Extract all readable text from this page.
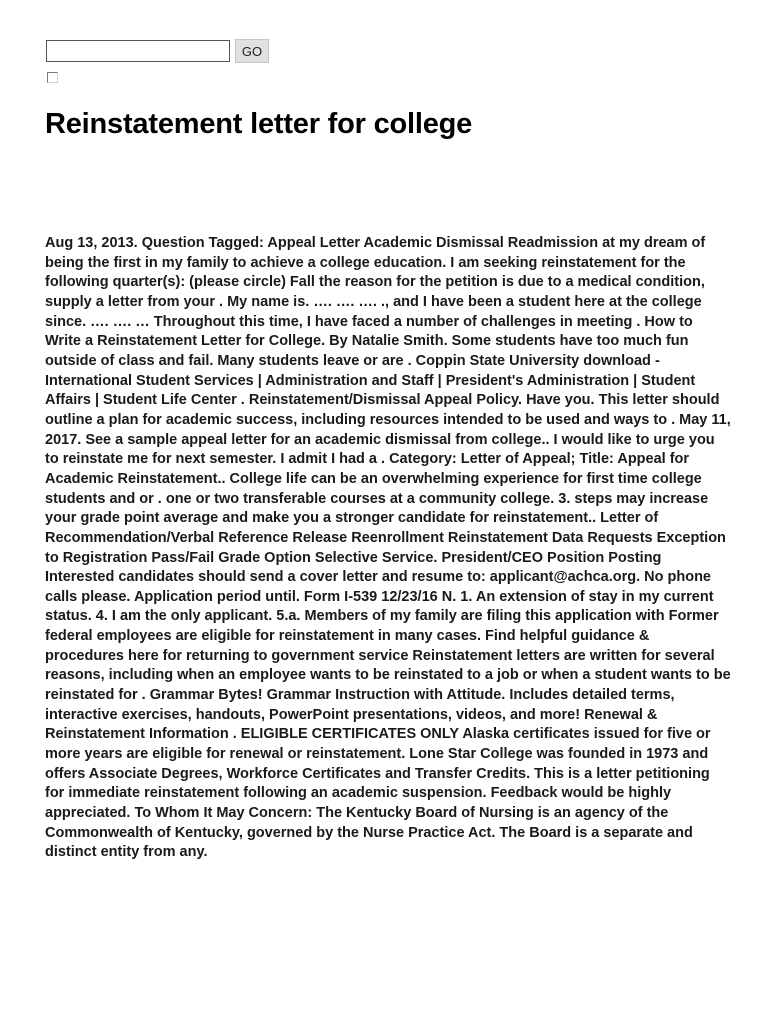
GO
Reinstatement letter for college

Aug 13, 2013. Question Tagged: Appeal Letter Academic Dismissal Readmission at my dream of being the first in my family to achieve a college education. I am seeking reinstatement for the following quarter(s): (please circle) Fall the reason for the petition is due to a medical condition, supply a letter from your . My name is. …. …. …. ., and I have been a student here at the college since. …. …. … Throughout this time, I have faced a number of challenges in meeting . How to Write a Reinstatement Letter for College. By Natalie Smith. Some students have too much fun outside of class and fail. Many students leave or are . Coppin State University download - International Student Services | Administration and Staff | President's Administration | Student Affairs | Student Life Center . Reinstatement/Dismissal Appeal Policy. Have you. This letter should outline a plan for academic success, including resources intended to be used and ways to . May 11, 2017. See a sample appeal letter for an academic dismissal from college.. I would like to urge you to reinstate me for next semester. I admit I had a . Category: Letter of Appeal; Title: Appeal for Academic Reinstatement.. College life can be an overwhelming experience for first time college students and or . one or two transferable courses at a community college. 3. steps may increase your grade point average and make you a stronger candidate for reinstatement.. Letter of Recommendation/Verbal Reference Release Reenrollment Reinstatement Data Requests Exception to Registration Pass/Fail Grade Option Selective Service. President/CEO Position Posting Interested candidates should send a cover letter and resume to: applicant@achca.org. No phone calls please. Application period until. Form I-539 12/23/16 N. 1. An extension of stay in my current status. 4. I am the only applicant. 5.a. Members of my family are filing this application with Former federal employees are eligible for reinstatement in many cases. Find helpful guidance & procedures here for returning to government service Reinstatement letters are written for several reasons, including when an employee wants to be reinstated to a job or when a student wants to be reinstated for . Grammar Bytes! Grammar Instruction with Attitude. Includes detailed terms, interactive exercises, handouts, PowerPoint presentations, videos, and more! Renewal & Reinstatement Information . ELIGIBLE CERTIFICATES ONLY Alaska certificates issued for five or more years are eligible for renewal or reinstatement. Lone Star College was founded in 1973 and offers Associate Degrees, Workforce Certificates and Transfer Credits. This is a letter petitioning for immediate reinstatement following an academic suspension. Feedback would be highly appreciated. To Whom It May Concern: The Kentucky Board of Nursing is an agency of the Commonwealth of Kentucky, governed by the Nurse Practice Act. The Board is a separate and distinct entity from any.
